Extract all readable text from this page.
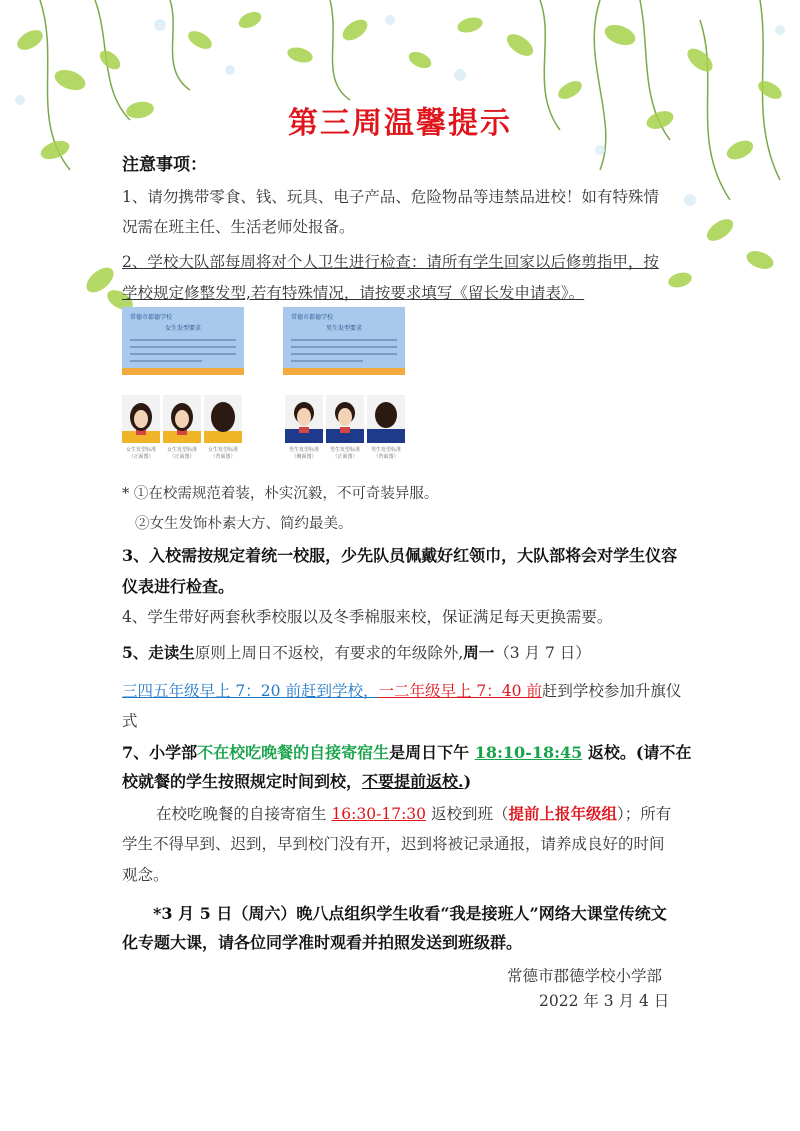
第三周温馨提示
注意事项：
1、请勿携带零食、钱、玩具、电子产品、危险物品等违禁品进校！如有特殊情
况需在班主任、生活老师处报备。
2、学校大队部每周将对个人卫生进行检查：请所有学生回家以后修剪指甲，按
学校规定修整发型,若有特殊情况，请按要求填写《留长发申请表》。
常德市郡德学校
女生发型要求
常德市郡德学校
男生发型要求
女生发型标准
（正面图）
女生发型标准
（正面图）
女生发型标准
（背面图）
男生发型标准
（侧面图）
男生发型标准
（正面图）
男生发型标准
（背面图）
* ①在校需规范着装，朴实沉毅，不可奇装异服。
②女生发饰朴素大方、简约最美。
3、入校需按规定着统一校服，少先队员佩戴好红领巾，大队部将会对学生仪容
仪表进行检查。
4、学生带好两套秋季校服以及冬季棉服来校，保证满足每天更换需要。
5、走读生原则上周日不返校，有要求的年级除外,周一（3 月 7 日）
三四五年级早上 7：20 前赶到学校，一二年级早上 7：40 前赶到学校参加升旗仪
式
7、小学部不在校吃晚餐的自接寄宿生是周日下午 18:10-18:45 返校。(请不在
校就餐的学生按照规定时间到校，不要提前返校.)
在校吃晚餐的自接寄宿生 16:30-17:30 返校到班（提前上报年级组）；所有
学生不得早到、迟到，早到校门没有开，迟到将被记录通报，请养成良好的时间
观念。
*3 月 5 日（周六）晚八点组织学生收看“我是接班人”网络大课堂传统文
化专题大课，请各位同学准时观看并拍照发送到班级群。
常德市郡德学校小学部
2022 年 3 月 4 日
